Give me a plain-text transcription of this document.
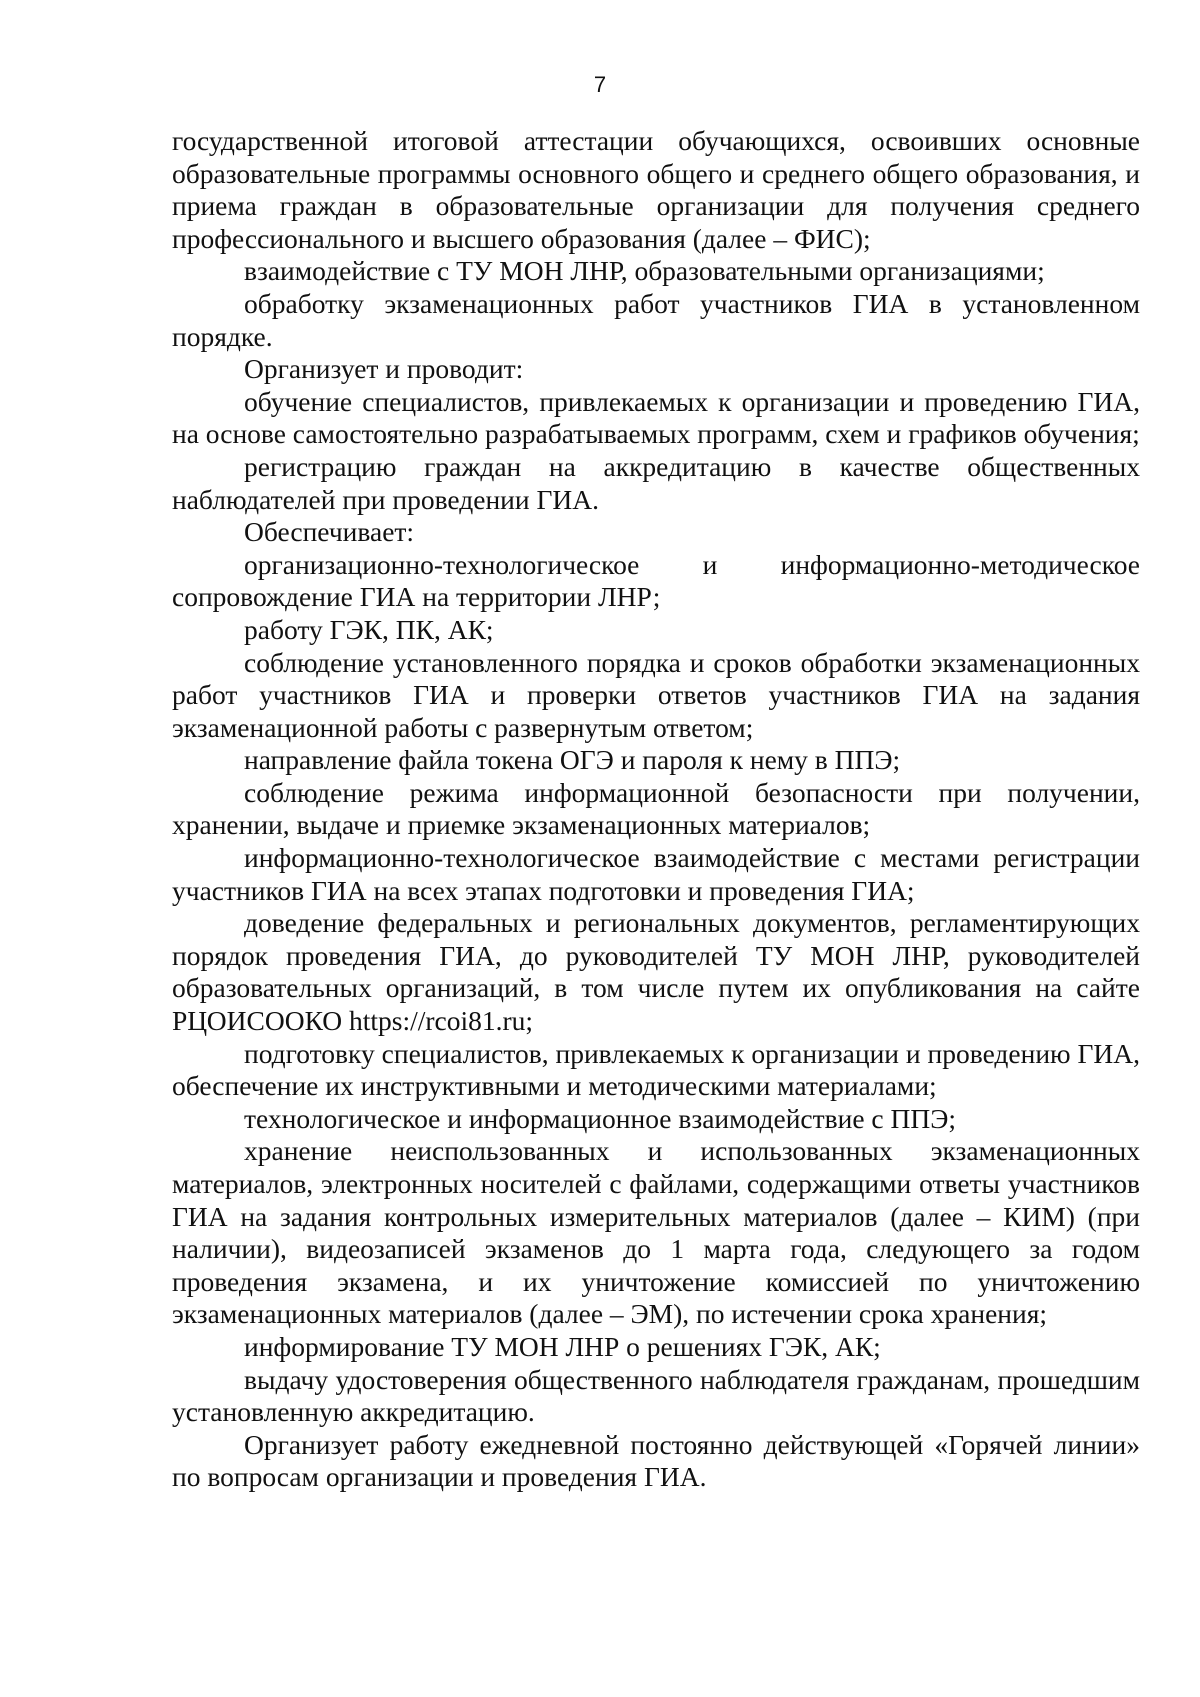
7

государственной итоговой аттестации обучающихся, освоивших основные образовательные программы основного общего и среднего общего образования, и приема граждан в образовательные организации для получения среднего профессионального и высшего образования (далее – ФИС);

взаимодействие с ТУ МОН ЛНР, образовательными организациями;

обработку экзаменационных работ участников ГИА в установленном порядке.

Организует и проводит:

обучение специалистов, привлекаемых к организации и проведению ГИА, на основе самостоятельно разрабатываемых программ, схем и графиков обучения;

регистрацию граждан на аккредитацию в качестве общественных наблюдателей при проведении ГИА.

Обеспечивает:

организационно-технологическое и информационно-методическое сопровождение ГИА на территории ЛНР;

работу ГЭК, ПК, АК;

соблюдение установленного порядка и сроков обработки экзаменационных работ участников ГИА и проверки ответов участников ГИА на задания экзаменационной работы с развернутым ответом;

направление файла токена ОГЭ и пароля к нему в ППЭ;

соблюдение режима информационной безопасности при получении, хранении, выдаче и приемке экзаменационных материалов;

информационно-технологическое взаимодействие с местами регистрации участников ГИА на всех этапах подготовки и проведения ГИА;

доведение федеральных и региональных документов, регламентирующих порядок проведения ГИА, до руководителей ТУ МОН ЛНР, руководителей образовательных организаций, в том числе путем их опубликования на сайте РЦОИСООКО https://rcoi81.ru;

подготовку специалистов, привлекаемых к организации и проведению ГИА, обеспечение их инструктивными и методическими материалами;

технологическое и информационное взаимодействие с ППЭ;

хранение неиспользованных и использованных экзаменационных материалов, электронных носителей с файлами, содержащими ответы участников ГИА на задания контрольных измерительных материалов (далее – КИМ) (при наличии), видеозаписей экзаменов до 1 марта года, следующего за годом проведения экзамена, и их уничтожение комиссией по уничтожению экзаменационных материалов (далее – ЭМ), по истечении срока хранения;

информирование ТУ МОН ЛНР о решениях ГЭК, АК;

выдачу удостоверения общественного наблюдателя гражданам, прошедшим установленную аккредитацию.

Организует работу ежедневной постоянно действующей «Горячей линии» по вопросам организации и проведения ГИА.
